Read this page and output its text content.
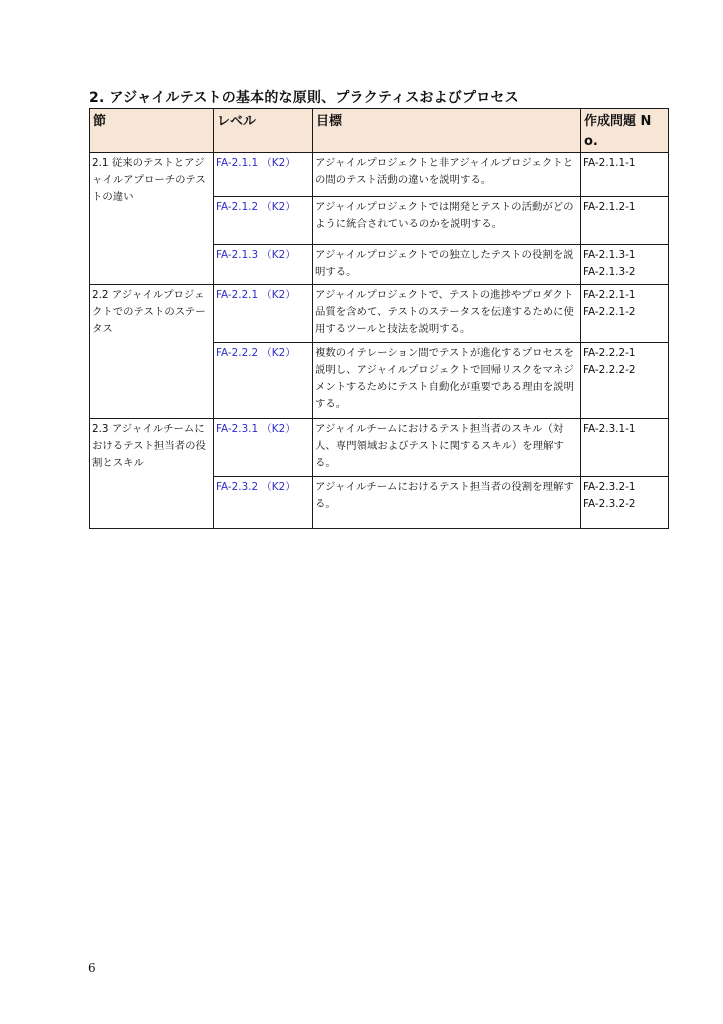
2. アジャイルテストの基本的な原則、プラクティスおよびプロセス
節	レベル	目標	作成問題 No.
2.1 従来のテストとアジャイルアプローチのテストの違い	FA-2.1.1 （K2）	アジャイルプロジェクトと非アジャイルプロジェクトとの間のテスト活動の違いを説明する。	FA-2.1.1-1

	FA-2.1.2 （K2）	アジャイルプロジェクトでは開発とテストの活動がどのように統合されているのかを説明する。	FA-2.1.2-1

	FA-2.1.3 （K2）	アジャイルプロジェクトでの独立したテストの役割を説明する。	FA-2.1.3-1
FA-2.1.3-2

2.2 アジャイルプロジェクトでのテストのステータス	FA-2.2.1 （K2）	アジャイルプロジェクトで、テストの進捗やプロダクト品質を含めて、テストのステータスを伝達するために使用するツールと技法を説明する。	FA-2.2.1-1
FA-2.2.1-2

	FA-2.2.2 （K2）	複数のイテレーション間でテストが進化するプロセスを説明し、アジャイルプロジェクトで回帰リスクをマネジメントするためにテスト自動化が重要である理由を説明する。	FA-2.2.2-1
FA-2.2.2-2

2.3 アジャイルチームにおけるテスト担当者の役割とスキル	FA-2.3.1 （K2）	アジャイルチームにおけるテスト担当者のスキル（対人、専門領域およびテストに関するスキル）を理解する。	FA-2.3.1-1

	FA-2.3.2 （K2）	アジャイルチームにおけるテスト担当者の役割を理解する。	FA-2.3.2-1
FA-2.3.2-2
6
